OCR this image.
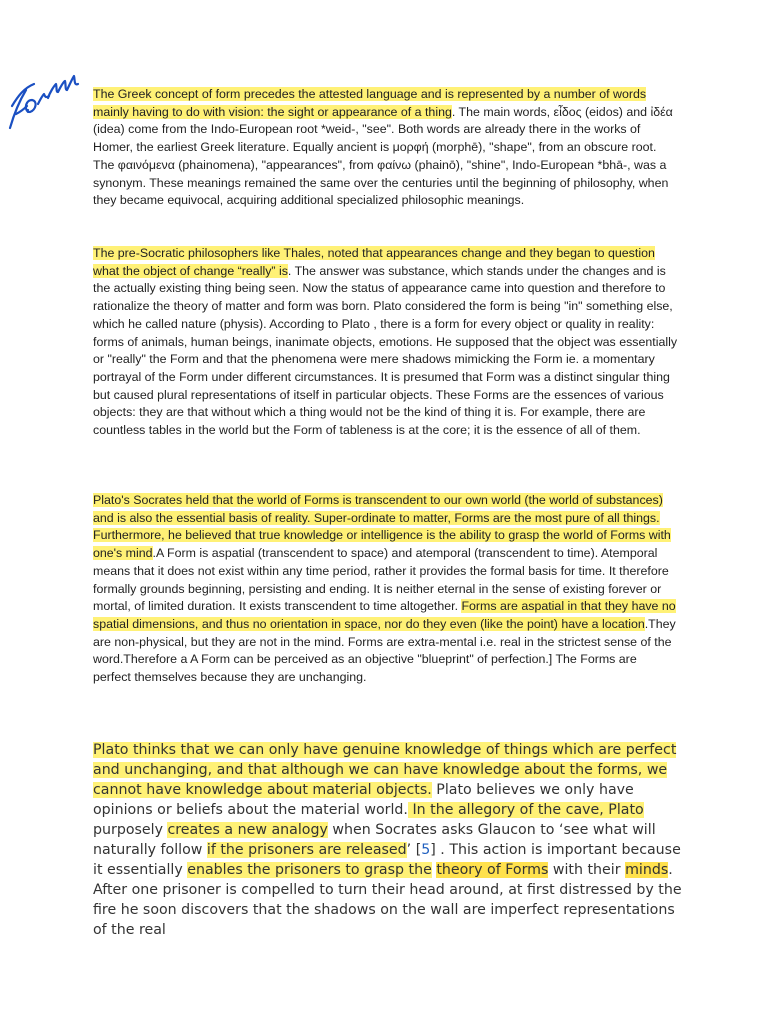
The Greek concept of form precedes the attested language and is represented by a number of words mainly having to do with vision: the sight or appearance of a thing. The main words, εἶδος (eidos) and ἰδέα (idea) come from the Indo-European root *weid-, "see". Both words are already there in the works of Homer, the earliest Greek literature. Equally ancient is μορφή (morphē), "shape", from an obscure root. The φαινόμενα (phainomena), "appearances", from φαίνω (phainō), "shine", Indo-European *bhā-, was a synonym. These meanings remained the same over the centuries until the beginning of philosophy, when they became equivocal, acquiring additional specialized philosophic meanings.

The pre-Socratic philosophers like Thales, noted that appearances change and they began to question what the object of change “really” is. The answer was substance, which stands under the changes and is the actually existing thing being seen. Now the status of appearance came into question and therefore to rationalize the theory of matter and form was born. Plato considered the form is being "in" something else, which he called nature (physis). According to Plato , there is a form for every object or quality in reality: forms of animals, human beings, inanimate objects, emotions. He supposed that the object was essentially or "really" the Form and that the phenomena were mere shadows mimicking the Form ie. a momentary portrayal of the Form under different circumstances. It is presumed that Form was a distinct singular thing but caused plural representations of itself in particular objects. These Forms are the essences of various objects: they are that without which a thing would not be the kind of thing it is. For example, there are countless tables in the world but the Form of tableness is at the core; it is the essence of all of them.

Plato's Socrates held that the world of Forms is transcendent to our own world (the world of substances) and is also the essential basis of reality. Super-ordinate to matter, Forms are the most pure of all things. Furthermore, he believed that true knowledge or intelligence is the ability to grasp the world of Forms with one's mind.A Form is aspatial (transcendent to space) and atemporal (transcendent to time). Atemporal means that it does not exist within any time period, rather it provides the formal basis for time. It therefore formally grounds beginning, persisting and ending. It is neither eternal in the sense of existing forever or mortal, of limited duration. It exists transcendent to time altogether. Forms are aspatial in that they have no spatial dimensions, and thus no orientation in space, nor do they even (like the point) have a location.They are non-physical, but they are not in the mind. Forms are extra-mental i.e. real in the strictest sense of the word.Therefore a A Form can be perceived as an objective "blueprint" of perfection.] The Forms are perfect themselves because they are unchanging.

Plato thinks that we can only have genuine knowledge of things which are perfect and unchanging, and that although we can have knowledge about the forms, we cannot have knowledge about material objects. Plato believes we only have opinions or beliefs about the material world. In the allegory of the cave, Plato purposely creates a new analogy when Socrates asks Glaucon to ‘see what will naturally follow if the prisoners are released’ [5] . This action is important because it essentially enables the prisoners to grasp the theory of Forms with their minds. After one prisoner is compelled to turn their head around, at first distressed by the fire he soon discovers that the shadows on the wall are imperfect representations of the real
